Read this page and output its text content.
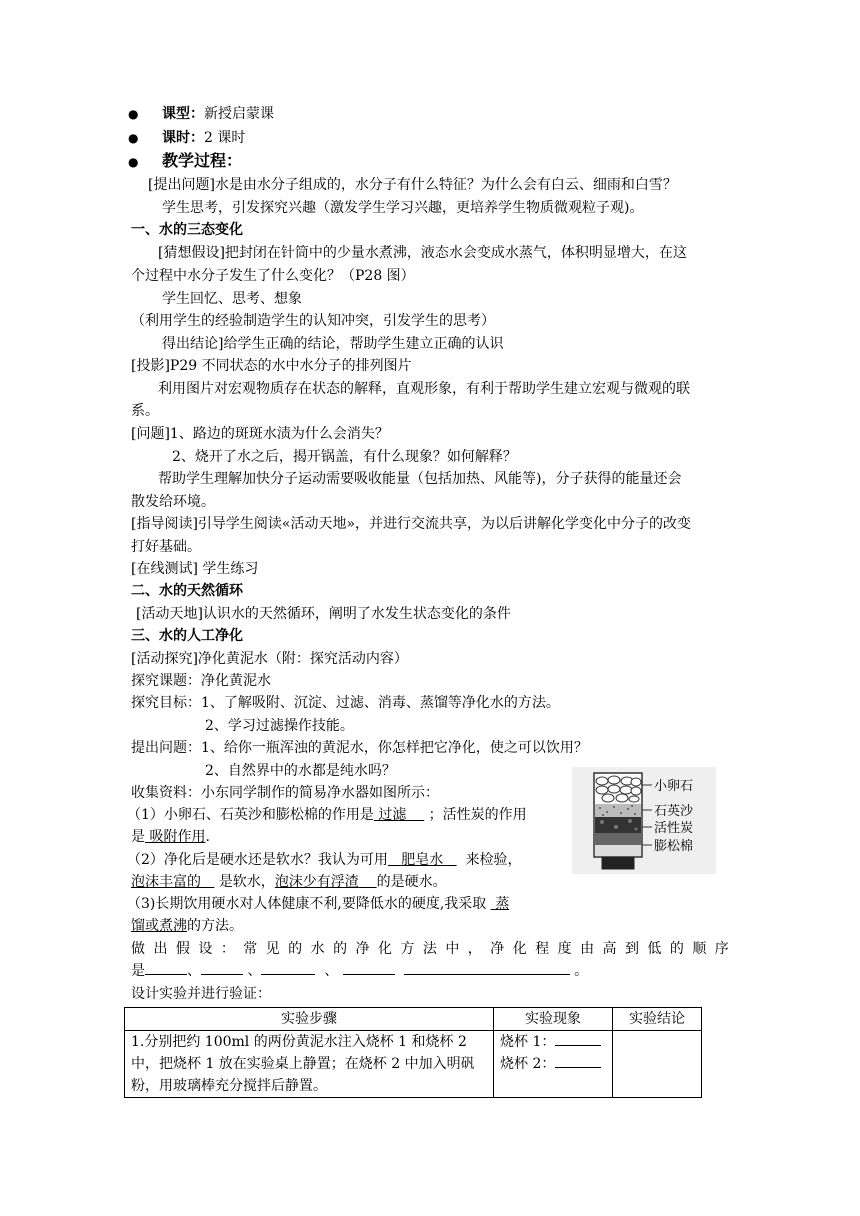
● 课型：新授启蒙课
● 课时：2 课时
● 教学过程：
[提出问题]水是由水分子组成的，水分子有什么特征？为什么会有白云、细雨和白雪？
学生思考，引发探究兴趣（激发学生学习兴趣，更培养学生物质微观粒子观)。
一、水的三态变化
[猜想假设]把封闭在针筒中的少量水煮沸，液态水会变成水蒸气，体积明显增大，在这
个过程中水分子发生了什么变化？（P28 图）
学生回忆、思考、想象
（利用学生的经验制造学生的认知冲突，引发学生的思考）
得出结论]给学生正确的结论，帮助学生建立正确的认识
[投影]P29 不同状态的水中水分子的排列图片
利用图片对宏观物质存在状态的解释，直观形象，有利于帮助学生建立宏观与微观的联
系。
[问题]1、路边的斑斑水渍为什么会消失？
2、烧开了水之后，揭开锅盖，有什么现象？如何解释？
帮助学生理解加快分子运动需要吸收能量（包括加热、风能等)，分子获得的能量还会
散发给环境。
[指导阅读]引导学生阅读«活动天地»，并进行交流共享，为以后讲解化学变化中分子的改变
打好基础。
[在线测试] 学生练习
二、水的天然循环
[活动天地]认识水的天然循环，阐明了水发生状态变化的条件
三、水的人工净化
[活动探究]净化黄泥水（附：探究活动内容）
探究课题：净化黄泥水
探究目标：1、了解吸附、沉淀、过滤、消毒、蒸馏等净化水的方法。
2、学习过滤操作技能。
提出问题：1、给你一瓶浑浊的黄泥水，你怎样把它净化，使之可以饮用？
2、自然界中的水都是纯水吗？
收集资料：小东同学制作的简易净水器如图所示：
（1）小卵石、石英沙和膨松棉的作用是 过滤 ；活性炭的作用
是 吸附作用.
（2）净化后是硬水还是软水？我认为可用 肥皂水 来检验，
泡沫丰富的 是软水，泡沫少有浮渣 的是硬水。
（3)长期饮用硬水对人体健康不利,要降低水的硬度,我采取 蒸
馏或煮沸的方法。
做 出 假 设 ： 常 见 的 水 的 净 化 方 法 中 ， 净 化 程 度 由 高 到 低 的 顺 序
是	、	、	、	。
设计实验并进行验证：
小卵石
石英沙
活性炭
膨松棉
实验步骤	实验现象	实验结论
1.分别把约 100ml 的两份黄泥水注入烧杯 1 和烧杯 2 中，把烧杯 1 放在实验桌上静置；在烧杯 2 中加入明矾粉，用玻璃棒充分搅拌后静置。	烧杯 1：
烧杯 2：	
